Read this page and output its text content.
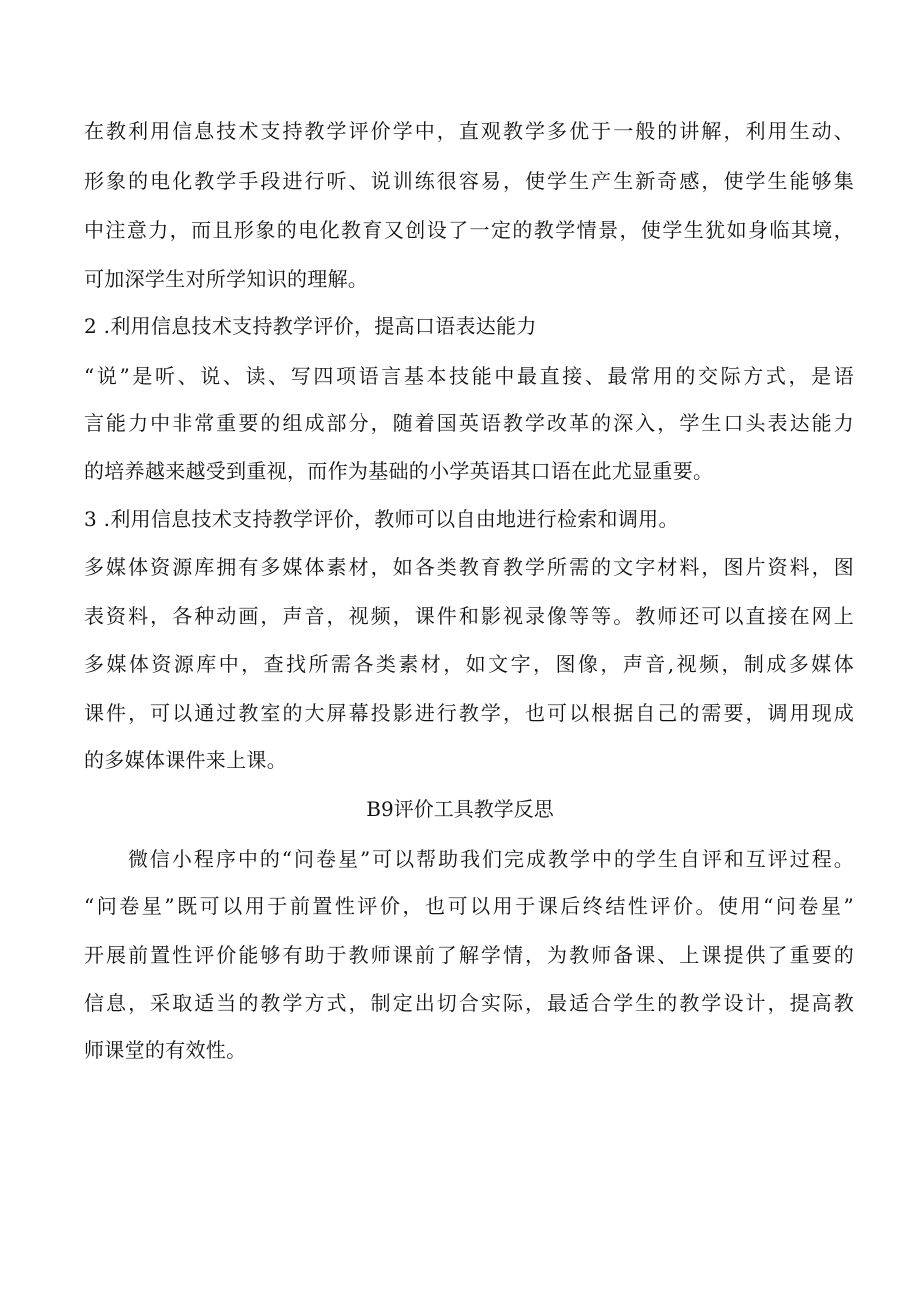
在教利用信息技术支持教学评价学中，直观教学多优于一般的讲解，利用生动、
形象的电化教学手段进行听、说训练很容易，使学生产生新奇感，使学生能够集
中注意力，而且形象的电化教育又创设了一定的教学情景，使学生犹如身临其境，
可加深学生对所学知识的理解。
2 .利用信息技术支持教学评价，提高口语表达能力
“说”是听、说、读、写四项语言基本技能中最直接、最常用的交际方式，是语
言能力中非常重要的组成部分，随着国英语教学改革的深入，学生口头表达能力
的培养越来越受到重视，而作为基础的小学英语其口语在此尤显重要。
3 .利用信息技术支持教学评价，教师可以自由地进行检索和调用。
多媒体资源库拥有多媒体素材，如各类教育教学所需的文字材料，图片资料，图
表资料，各种动画，声音，视频，课件和影视录像等等。教师还可以直接在网上
多媒体资源库中，查找所需各类素材，如文字，图像，声音,视频，制成多媒体
课件，可以通过教室的大屏幕投影进行教学，也可以根据自己的需要，调用现成
的多媒体课件来上课。
B9评价工具教学反思
　　微信小程序中的“问卷星”可以帮助我们完成教学中的学生自评和互评过程。
“问卷星”既可以用于前置性评价，也可以用于课后终结性评价。使用“问卷星”
开展前置性评价能够有助于教师课前了解学情，为教师备课、上课提供了重要的
信息，采取适当的教学方式，制定出切合实际，最适合学生的教学设计，提高教
师课堂的有效性。
